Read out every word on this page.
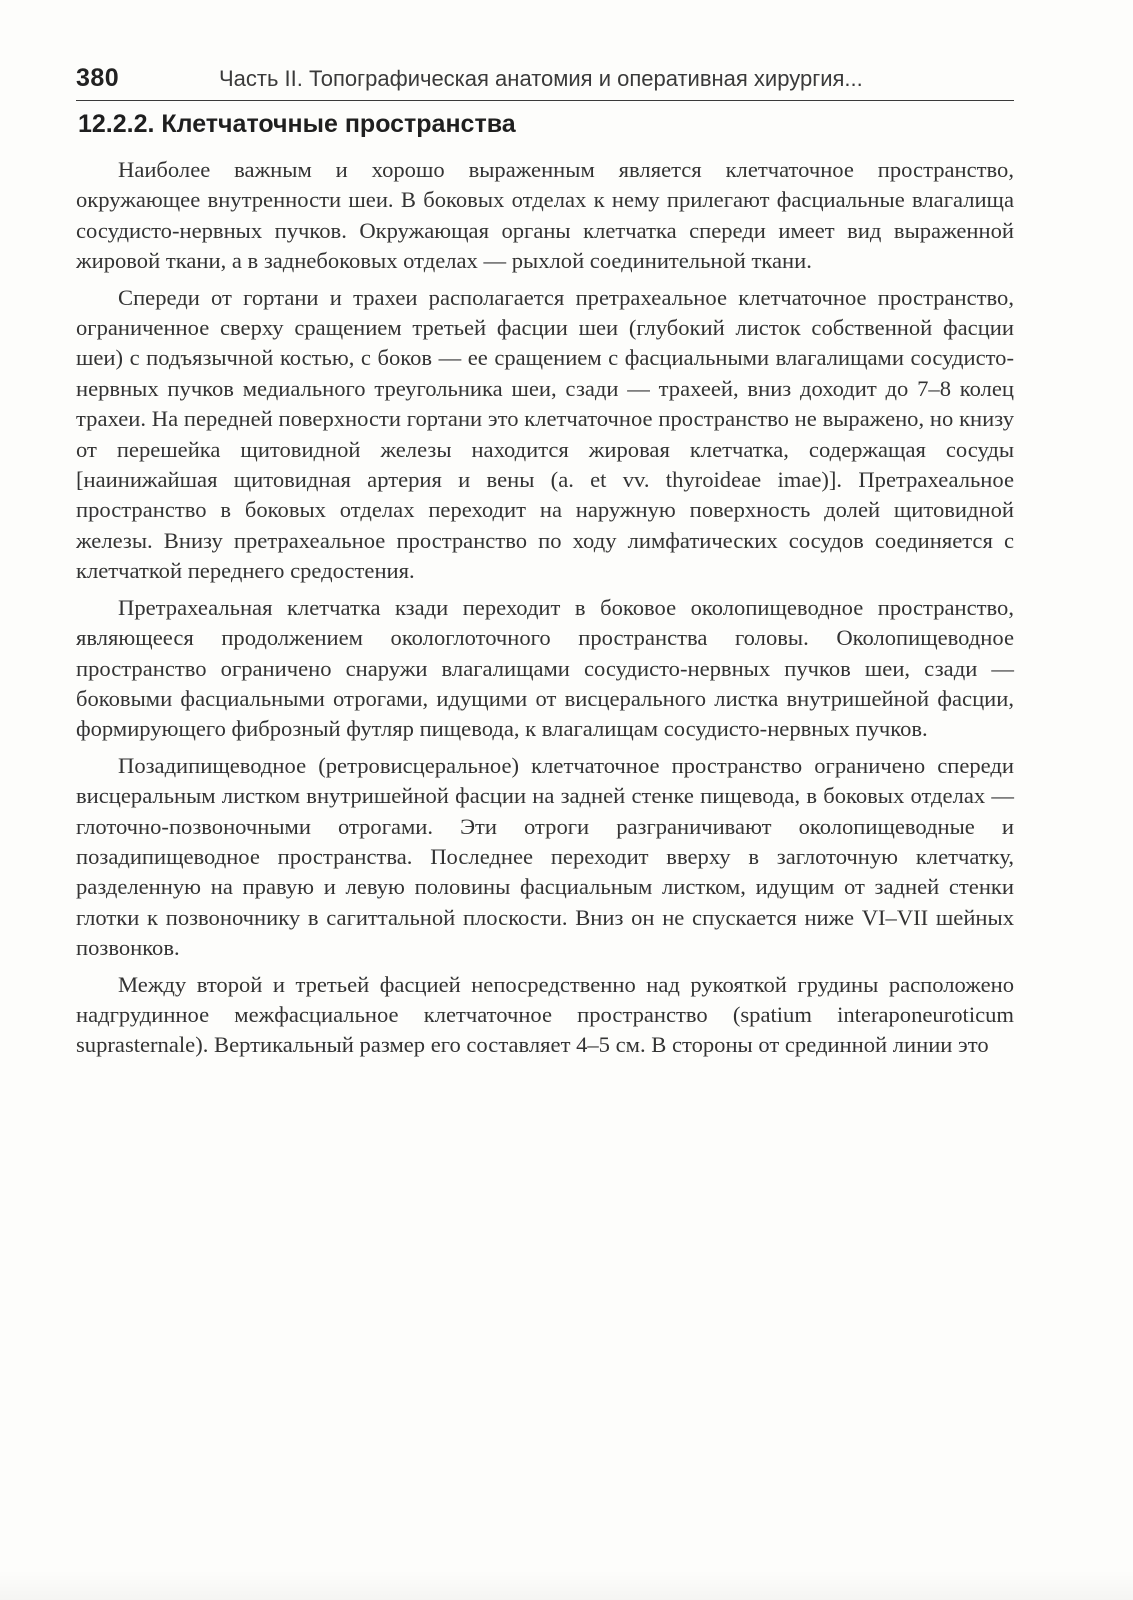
380	Часть II. Топографическая анатомия и оперативная хирургия...
12.2.2. Клетчаточные пространства

Наиболее важным и хорошо выраженным является клетчаточное пространство, окружающее внутренности шеи. В боковых отделах к нему прилегают фасциальные влагалища сосудисто-нервных пучков. Окружающая органы клетчатка спереди имеет вид выраженной жировой ткани, а в заднебоковых отделах — рыхлой соединительной ткани.

Спереди от гортани и трахеи располагается претрахеальное клетчаточное пространство, ограниченное сверху сращением третьей фасции шеи (глубокий листок собственной фасции шеи) с подъязычной костью, с боков — ее сращением с фасциальными влагалищами сосудисто-нервных пучков медиального треугольника шеи, сзади — трахеей, вниз доходит до 7–8 колец трахеи. На передней поверхности гортани это клетчаточное пространство не выражено, но книзу от перешейка щитовидной железы находится жировая клетчатка, содержащая сосуды [наинижайшая щитовидная артерия и вены (a. et vv. thyroideae imae)]. Претрахеальное пространство в боковых отделах переходит на наружную поверхность долей щитовидной железы. Внизу претрахеальное пространство по ходу лимфатических сосудов соединяется с клетчаткой переднего средостения.

Претрахеальная клетчатка кзади переходит в боковое околопищеводное пространство, являющееся продолжением окологлоточного пространства головы. Околопищеводное пространство ограничено снаружи влагалищами сосудисто-нервных пучков шеи, сзади — боковыми фасциальными отрогами, идущими от висцерального листка внутришейной фасции, формирующего фиброзный футляр пищевода, к влагалищам сосудисто-нервных пучков.

Позадипищеводное (ретровисцеральное) клетчаточное пространство ограничено спереди висцеральным листком внутришейной фасции на задней стенке пищевода, в боковых отделах — глоточно-позвоночными отрогами. Эти отроги разграничивают околопищеводные и позадипищеводное пространства. Последнее переходит вверху в заглоточную клетчатку, разделенную на правую и левую половины фасциальным листком, идущим от задней стенки глотки к позвоночнику в сагиттальной плоскости. Вниз он не спускается ниже VI–VII шейных позвонков.

Между второй и третьей фасцией непосредственно над рукояткой грудины расположено надгрудинное межфасциальное клетчаточное пространство (spatium interaponeuroticum suprasternale). Вертикальный размер его составляет 4–5 см. В стороны от срединной линии это
